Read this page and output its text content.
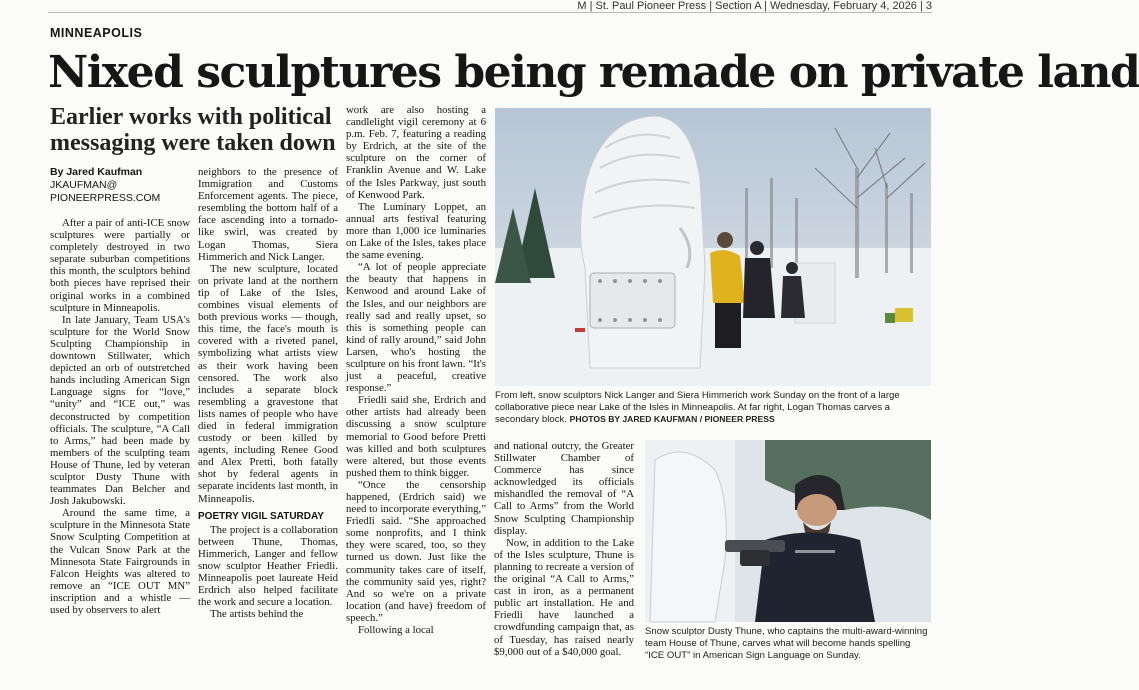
M | St. Paul Pioneer Press | Section A | Wednesday, February 4, 2026 | 3
MINNEAPOLIS
Nixed sculptures being remade on private land
Earlier works with political messaging were taken down
By Jared Kaufman
JKAUFMAN@
PIONEERPRESS.COM

After a pair of anti-ICE snow sculptures were partially or completely destroyed in two separate suburban competitions this month, the sculptors behind both pieces have reprised their original works in a combined sculpture in Minneapolis.

In late January, Team USA's sculpture for the World Snow Sculpting Championship in downtown Stillwater, which depicted an orb of outstretched hands including American Sign Language signs for “love,” “unity” and “ICE out,” was deconstructed by competition officials. The sculpture, “A Call to Arms,” had been made by members of the sculpting team House of Thune, led by veteran sculptor Dusty Thune with teammates Dan Belcher and Josh Jakubowski.

Around the same time, a sculpture in the Minnesota State Snow Sculpting Competition at the Vulcan Snow Park at the Minnesota State Fairgrounds in Falcon Heights was altered to remove an “ICE OUT MN” inscription and a whistle — used by observers to alert

neighbors to the presence of Immigration and Customs Enforcement agents. The piece, resembling the bottom half of a face ascending into a tornado-like swirl, was created by Logan Thomas, Siera Himmerich and Nick Langer.

The new sculpture, located on private land at the northern tip of Lake of the Isles, combines visual elements of both previous works — though, this time, the face's mouth is covered with a riveted panel, symbolizing what artists view as their work having been censored. The work also includes a separate block resembling a gravestone that lists names of people who have died in federal immigration custody or been killed by agents, including Renee Good and Alex Pretti, both fatally shot by federal agents in separate incidents last month, in Minneapolis.

POETRY VIGIL SATURDAY

The project is a collaboration between Thune, Thomas, Himmerich, Langer and fellow snow sculptor Heather Friedli. Minneapolis poet laureate Heid Erdrich also helped facilitate the work and secure a location.

The artists behind the

work are also hosting a candlelight vigil ceremony at 6 p.m. Feb. 7, featuring a reading by Erdrich, at the site of the sculpture on the corner of Franklin Avenue and W. Lake of the Isles Parkway, just south of Kenwood Park.

The Luminary Loppet, an annual arts festival featuring more than 1,000 ice luminaries on Lake of the Isles, takes place the same evening.

“A lot of people appreciate the beauty that happens in Kenwood and around Lake of the Isles, and our neighbors are really sad and really upset, so this is something people can kind of rally around,” said John Larsen, who's hosting the sculpture on his front lawn. “It's just a peaceful, creative response.”

Friedli said she, Erdrich and other artists had already been discussing a snow sculpture memorial to Good before Pretti was killed and both sculptures were altered, but those events pushed them to think bigger.

“Once the censorship happened, (Erdrich said) we need to incorporate everything,” Friedli said. “She approached some nonprofits, and I think they were scared, too, so they turned us down. Just like the community takes care of itself, the community said yes, right? And so we're on a private location (and have) freedom of speech.”

Following a local

and national outcry, the Greater Stillwater Chamber of Commerce has since acknowledged its officials mishandled the removal of “A Call to Arms” from the World Snow Sculpting Championship display.

Now, in addition to the Lake of the Isles sculpture, Thune is planning to recreate a version of the original “A Call to Arms,” cast in iron, as a permanent public art installation. He and Friedli have launched a crowdfunding campaign that, as of Tuesday, has raised nearly $9,000 out of a $40,000 goal.

From left, snow sculptors Nick Langer and Siera Himmerich work Sunday on the front of a large collaborative piece near Lake of the Isles in Minneapolis. At far right, Logan Thomas carves a secondary block. PHOTOS BY JARED KAUFMAN / PIONEER PRESS
Snow sculptor Dusty Thune, who captains the multi-award-winning team House of Thune, carves what will become hands spelling “ICE OUT” in American Sign Language on Sunday.
